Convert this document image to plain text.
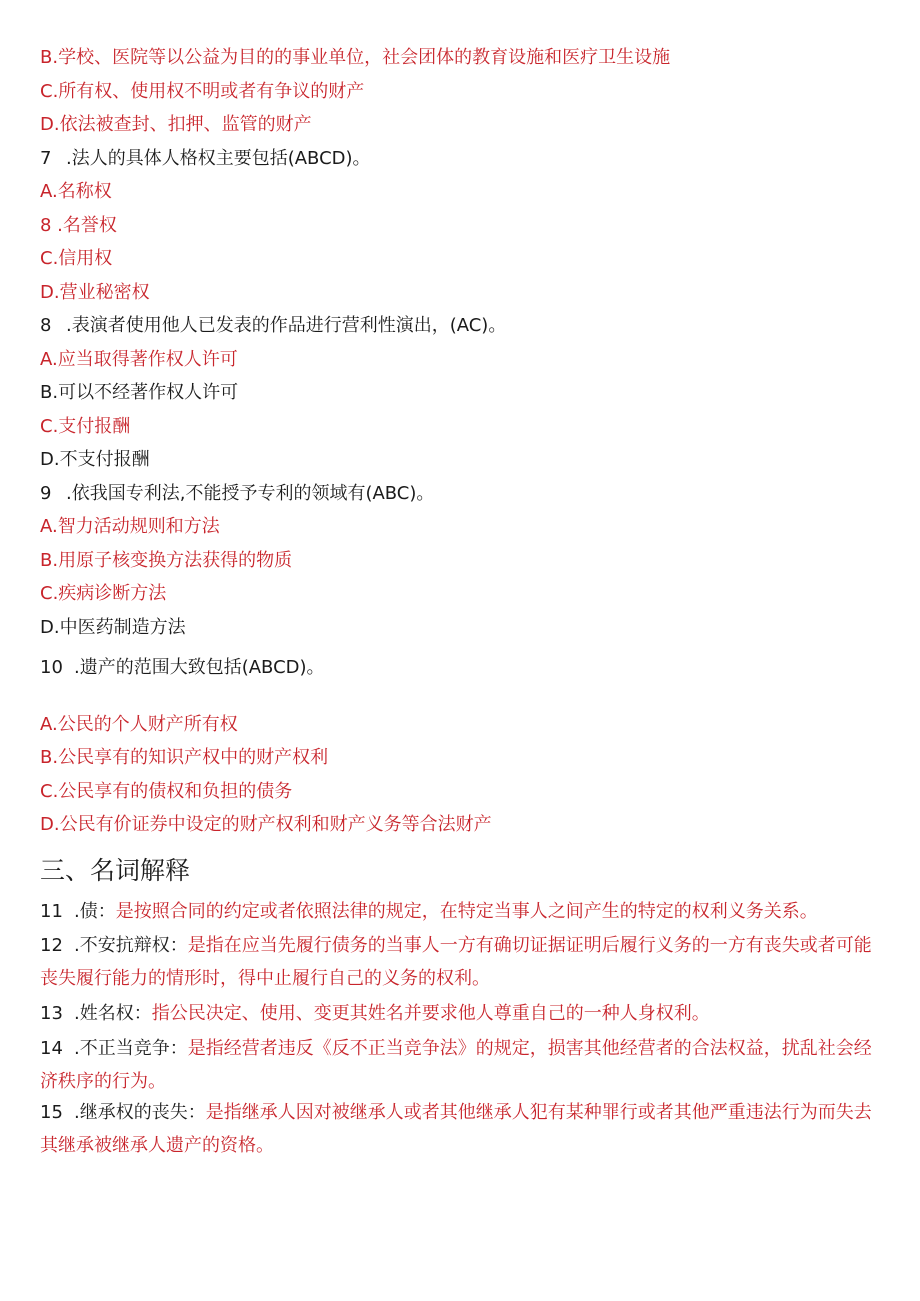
B.学校、医院等以公益为目的的事业单位，社会团体的教育设施和医疗卫生设施
C.所有权、使用权不明或者有争议的财产
D.依法被查封、扣押、监管的财产
7 .法人的具体人格权主要包括(ABCD)。
A.名称权
8 .名誉权
C.信用权
D.营业秘密权
8 .表演者使用他人已发表的作品进行营利性演出，(AC)。
A.应当取得著作权人许可
B.可以不经著作权人许可
C.支付报酬
D.不支付报酬
9 .依我国专利法,不能授予专利的领域有(ABC)。
A.智力活动规则和方法
B.用原子核变换方法获得的物质
C.疾病诊断方法
D.中医药制造方法
10 .遗产的范围大致包括(ABCD)。
A.公民的个人财产所有权
B.公民享有的知识产权中的财产权利
C.公民享有的债权和负担的债务
D.公民有价证券中设定的财产权利和财产义务等合法财产
三、名词解释
11 .债：是按照合同的约定或者依照法律的规定，在特定当事人之间产生的特定的权利义务关系。
12 .不安抗辩权：是指在应当先履行债务的当事人一方有确切证据证明后履行义务的一方有丧失或者可能丧失履行能力的情形时，得中止履行自己的义务的权利。
13 .姓名权：指公民决定、使用、变更其姓名并要求他人尊重自己的一种人身权利。
14 .不正当竞争：是指经营者违反《反不正当竞争法》的规定，损害其他经营者的合法权益，扰乱社会经济秩序的行为。
15 .继承权的丧失：是指继承人因对被继承人或者其他继承人犯有某种罪行或者其他严重违法行为而失去其继承被继承人遗产的资格。
